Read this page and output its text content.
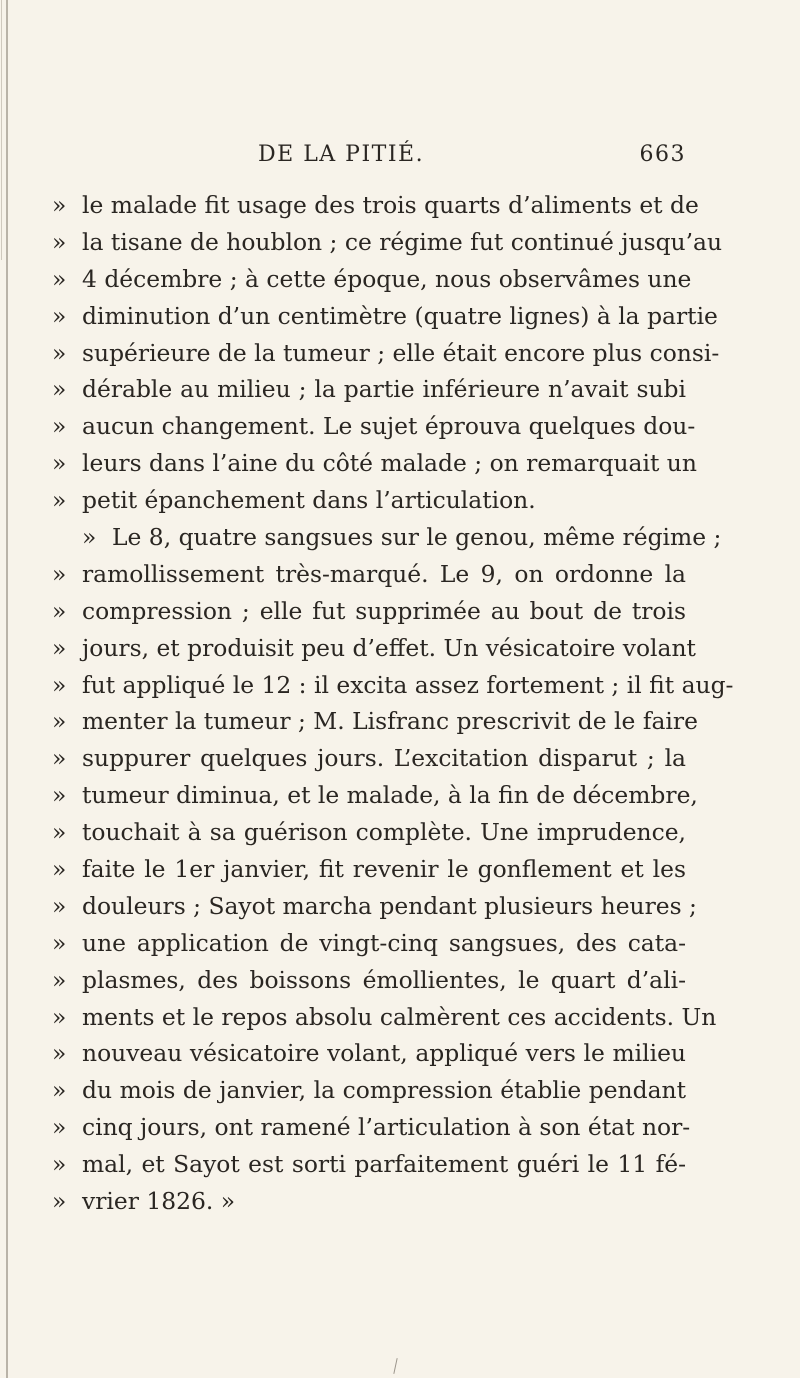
DE LA PITIÉ.	663
» le malade fit usage des trois quarts d’aliments et de
» la tisane de houblon ; ce régime fut continué jusqu’au
» 4 décembre ; à cette époque, nous observâmes une
» diminution d’un centimètre (quatre lignes) à la partie
» supérieure de la tumeur ; elle était encore plus consi-
» dérable au milieu ; la partie inférieure n’avait subi
» aucun changement. Le sujet éprouva quelques dou-
» leurs dans l’aine du côté malade ; on remarquait un
» petit épanchement dans l’articulation.
» Le 8, quatre sangsues sur le genou, même régime ;
» ramollissement très-marqué. Le 9, on ordonne la
» compression ; elle fut supprimée au bout de trois
» jours, et produisit peu d’effet. Un vésicatoire volant
» fut appliqué le 12 : il excita assez fortement ; il fit aug-
» menter la tumeur ; M. Lisfranc prescrivit de le faire
» suppurer quelques jours. L’excitation disparut ; la
» tumeur diminua, et le malade, à la fin de décembre,
» touchait à sa guérison complète. Une imprudence,
» faite le 1er janvier, fit revenir le gonflement et les
» douleurs ; Sayot marcha pendant plusieurs heures ;
» une application de vingt-cinq sangsues, des cata-
» plasmes, des boissons émollientes, le quart d’ali-
» ments et le repos absolu calmèrent ces accidents. Un
» nouveau vésicatoire volant, appliqué vers le milieu
» du mois de janvier, la compression établie pendant
» cinq jours, ont ramené l’articulation à son état nor-
» mal, et Sayot est sorti parfaitement guéri le 11 fé-
» vrier 1826. »
